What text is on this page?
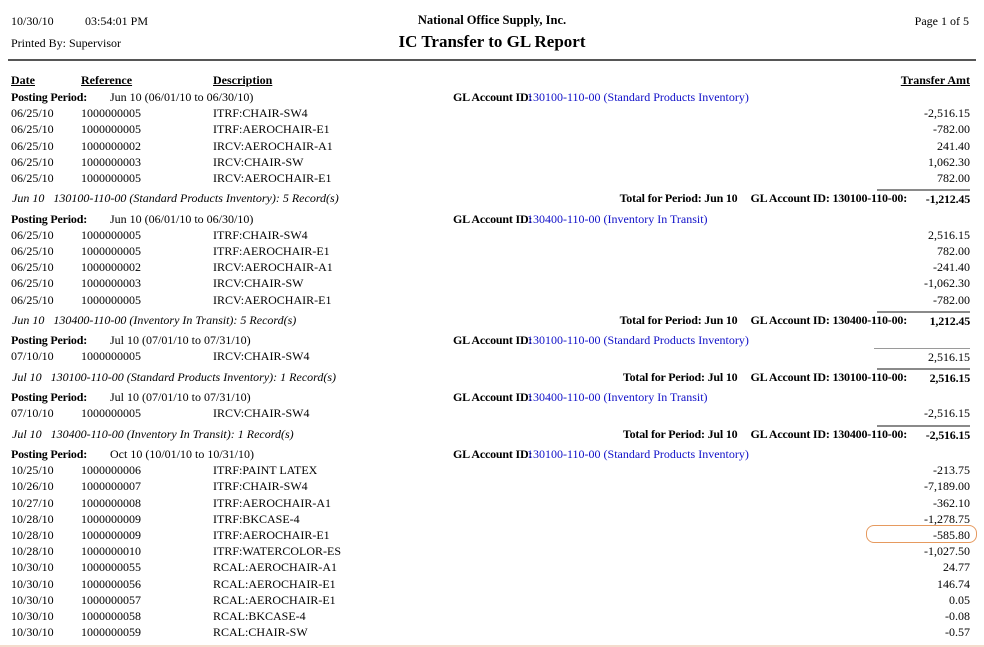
10/30/10	03:54:01 PM
Printed By: Supervisor
National Office Supply, Inc.
IC Transfer to GL Report
Page 1 of 5
Date	Reference	Description	Transfer Amt
Posting Period: Jun 10 (06/01/10 to 06/30/10)	GL Account ID:
130100-110-00 (Standard Products Inventory)
06/25/10 1000000005	ITRF:CHAIR-SW4	-2,516.15
06/25/10 1000000005	ITRF:AEROCHAIR-E1	-782.00
06/25/10 1000000002	IRCV:AEROCHAIR-A1	241.40
06/25/10 1000000003	IRCV:CHAIR-SW	1,062.30
06/25/10 1000000005	IRCV:AEROCHAIR-E1	782.00
Jun 10   130100-110-00 (Standard Products Inventory): 5 Record(s)	Total for Period: Jun 10 GL Account ID: 130100-110-00:	-1,212.45
Posting Period: Jun 10 (06/01/10 to 06/30/10)	GL Account ID:
130400-110-00 (Inventory In Transit)
06/25/10 1000000005	ITRF:CHAIR-SW4	2,516.15
06/25/10 1000000005	ITRF:AEROCHAIR-E1	782.00
06/25/10 1000000002	IRCV:AEROCHAIR-A1	-241.40
06/25/10 1000000003	IRCV:CHAIR-SW	-1,062.30
06/25/10 1000000005	IRCV:AEROCHAIR-E1	-782.00
Jun 10   130400-110-00 (Inventory In Transit): 5 Record(s)	Total for Period: Jun 10 GL Account ID: 130400-110-00:	1,212.45
Posting Period: Jul 10 (07/01/10 to 07/31/10)	GL Account ID:
130100-110-00 (Standard Products Inventory)
07/10/10 1000000005	IRCV:CHAIR-SW4	2,516.15
Jul 10   130100-110-00 (Standard Products Inventory): 1 Record(s)	Total for Period: Jul 10 GL Account ID: 130100-110-00:	2,516.15
Posting Period: Jul 10 (07/01/10 to 07/31/10)	GL Account ID:
130400-110-00 (Inventory In Transit)
07/10/10 1000000005	IRCV:CHAIR-SW4	-2,516.15
Jul 10   130400-110-00 (Inventory In Transit): 1 Record(s)	Total for Period: Jul 10 GL Account ID: 130400-110-00:	-2,516.15
Posting Period: Oct 10 (10/01/10 to 10/31/10)	GL Account ID:
130100-110-00 (Standard Products Inventory)
10/25/10 1000000006	ITRF:PAINT LATEX	-213.75
10/26/10 1000000007	ITRF:CHAIR-SW4	-7,189.00
10/27/10 1000000008	ITRF:AEROCHAIR-A1	-362.10
10/28/10 1000000009	ITRF:BKCASE-4	-1,278.75
10/28/10 1000000009	ITRF:AEROCHAIR-E1	-585.80
10/28/10 1000000010	ITRF:WATERCOLOR-ES	-1,027.50
10/30/10 1000000055	RCAL:AEROCHAIR-A1	24.77
10/30/10 1000000056	RCAL:AEROCHAIR-E1	146.74
10/30/10 1000000057	RCAL:AEROCHAIR-E1	0.05
10/30/10 1000000058	RCAL:BKCASE-4	-0.08
10/30/10 1000000059	RCAL:CHAIR-SW	-0.57
